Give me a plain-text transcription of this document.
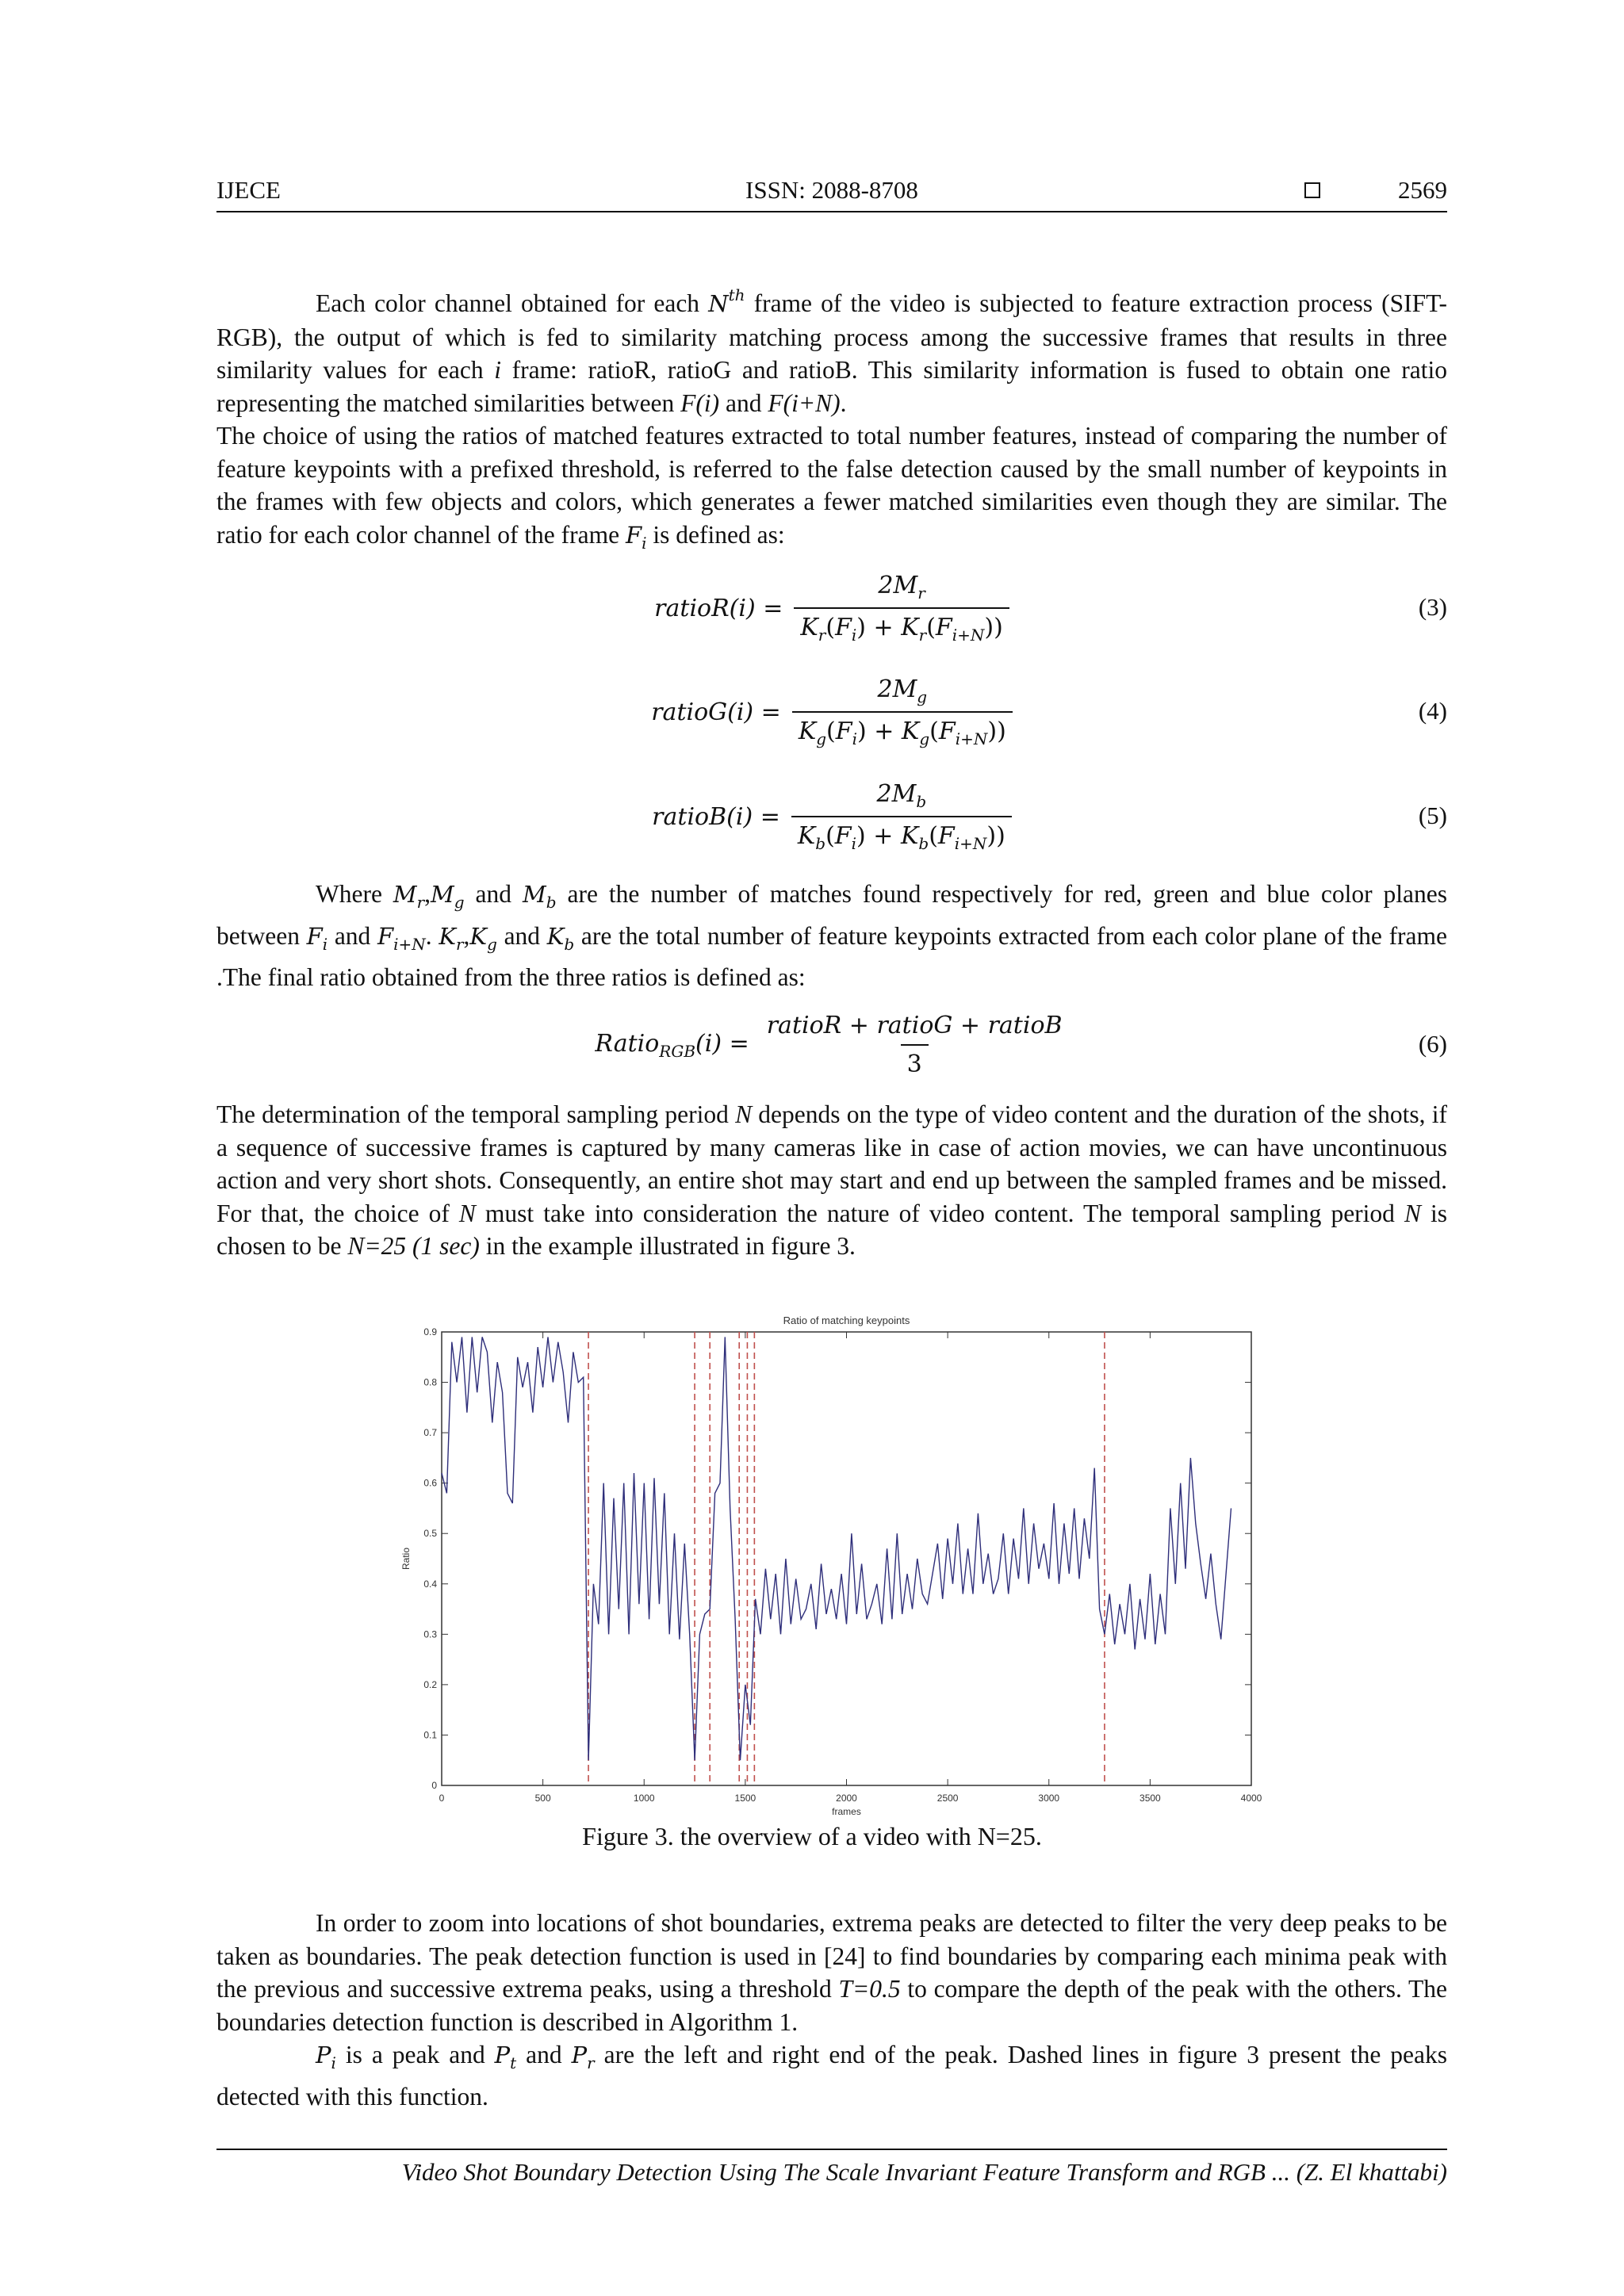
IJECE	ISSN: 2088-8708	2569

Each color channel obtained for each $N^{th}$ frame of the video is subjected to feature extraction process (SIFT-RGB), the output of which is fed to similarity matching process among the successive frames that results in three similarity values for each i frame: ratioR, ratioG and ratioB. This similarity information is fused to obtain one ratio representing the matched similarities between F(i) and F(i+N).

The choice of using the ratios of matched features extracted to total number features, instead of comparing the number of feature keypoints with a prefixed threshold, is referred to the false detection caused by the small number of keypoints in the frames with few objects and colors, which generates a fewer matched similarities even though they are similar. The ratio for each color channel of the frame $F_i$ is defined as:

ratioR(i) = $\frac{2M_r}{K_r(F_i) + K_r(F_{i+N}))}$	(3)
ratioG(i) = $\frac{2M_g}{K_g(F_i) + K_g(F_{i+N}))}$	(4)
ratioB(i) = $\frac{2M_b}{K_b(F_i) + K_b(F_{i+N}))}$	(5)

Where $M_r,M_g$ and $M_b$ are the number of matches found respectively for red, green and blue color planes between $F_i$ and $F_{i+N}$. $K_r,K_g$ and $K_b$ are the total number of feature keypoints extracted from each color plane of the frame .The final ratio obtained from the three ratios is defined as:

Ratio$_{RGB}$(i) = $\frac{\text{ratioR + ratioG + ratioB}}{3}$	(6)

The determination of the temporal sampling period N depends on the type of video content and the duration of the shots, if a sequence of successive frames is captured by many cameras like in case of action movies, we can have uncontinuous action and very short shots. Consequently, an entire shot may start and end up between the sampled frames and be missed. For that, the choice of N must take into consideration the nature of video content. The temporal sampling period N is chosen to be N=25 (1 sec) in the example illustrated in figure 3.

Ratio of matching keypoints
0	500	1000	1500	2000	2500	3000	3500	4000
0
0.1
0.2
0.3
0.4
0.5
0.6
0.7
0.8
0.9
frames
Ratio
Figure 3. the overview of a video with N=25.

In order to zoom into locations of shot boundaries, extrema peaks are detected to filter the very deep peaks to be taken as boundaries. The peak detection function is used in [24] to find boundaries by comparing each minima peak with the previous and successive extrema peaks, using a threshold T=0.5 to compare the depth of the peak with the others. The boundaries detection function is described in Algorithm 1.

$P_i$ is a peak and $P_t$ and $P_r$ are the left and right end of the peak. Dashed lines in figure 3 present the peaks detected with this function.

Video Shot Boundary Detection Using The Scale Invariant Feature Transform and RGB ... (Z. El khattabi)
